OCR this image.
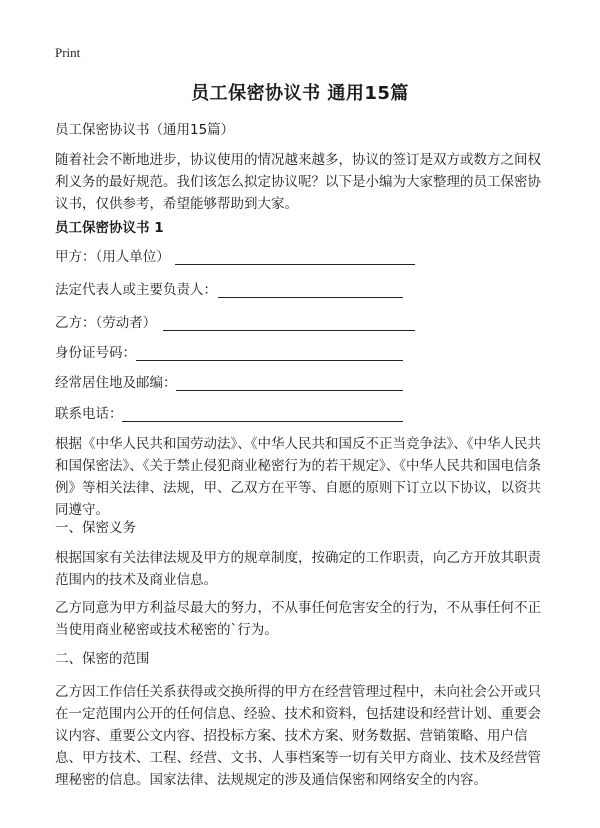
Print
员工保密协议书 通用15篇

员工保密协议书（通用15篇）

随着社会不断地进步，协议使用的情况越来越多，协议的签订是双方或数方之间权利义务的最好规范。我们该怎么拟定协议呢？以下是小编为大家整理的员工保密协议书，仅供参考，希望能够帮助到大家。

员工保密协议书 1

甲方：（用人单位）
法定代表人或主要负责人：
乙方：（劳动者）
身份证号码：
经常居住地及邮编：
联系电话：

根据《中华人民共和国劳动法》、《中华人民共和国反不正当竞争法》、《中华人民共和国保密法》、《关于禁止侵犯商业秘密行为的若干规定》、《中华人民共和国电信条例》等相关法律、法规，甲、乙双方在平等、自愿的原则下订立以下协议，以资共同遵守。

一、保密义务

根据国家有关法律法规及甲方的规章制度，按确定的工作职责，向乙方开放其职责范围内的技术及商业信息。

乙方同意为甲方利益尽最大的努力，不从事任何危害安全的行为，不从事任何不正当使用商业秘密或技术秘密的`行为。

二、保密的范围

乙方因工作信任关系获得或交换所得的甲方在经营管理过程中，未向社会公开或只在一定范围内公开的任何信息、经验、技术和资料，包括建设和经营计划、重要会议内容、重要公文内容、招投标方案、技术方案、财务数据、营销策略、用户信息、甲方技术、工程、经营、文书、人事档案等一切有关甲方商业、技术及经营管理秘密的信息。国家法律、法规规定的涉及通信保密和网络安全的内容。
